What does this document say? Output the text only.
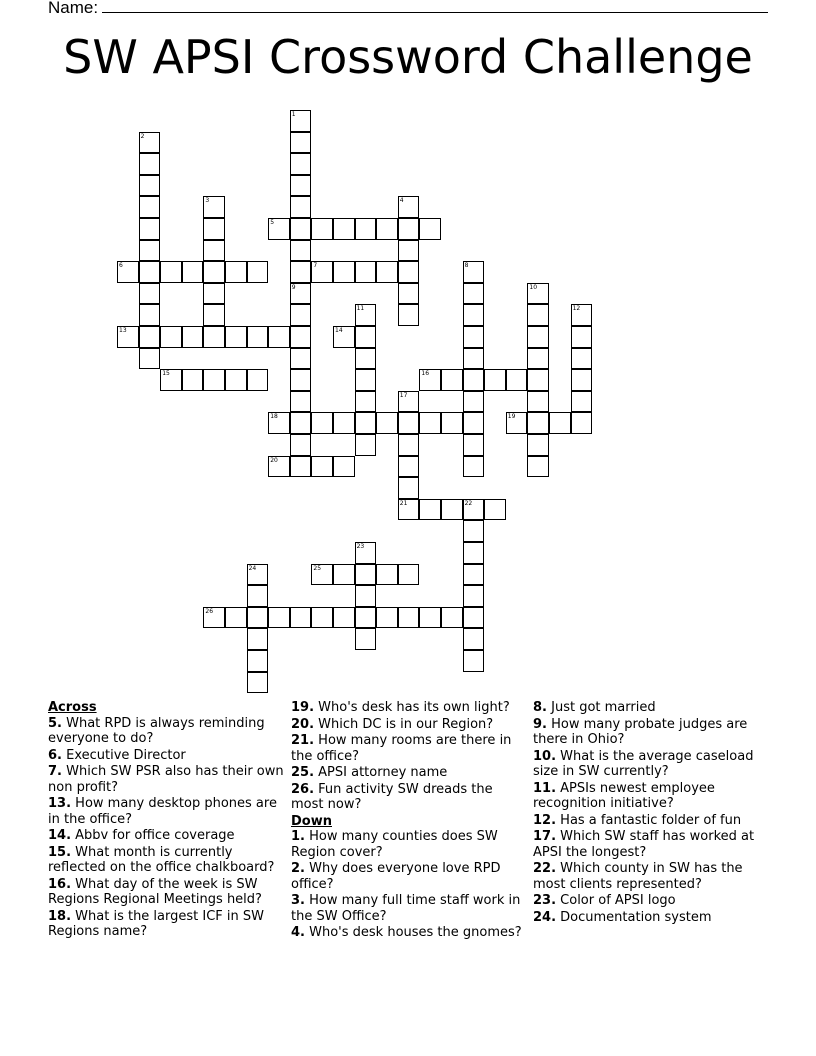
Name:
SW APSI Crossword Challenge
1
9
2
3	4
5
6	7	8
10
11	12
13	14
15	16
17
21
18	19
20
22
23
24	25
26
Across
5. What RPD is always reminding everyone to do?
6. Executive Director
7. Which SW PSR also has their own non profit?
13. How many desktop phones are in the office?
14. Abbv for office coverage
15. What month is currently reflected on the office chalkboard?
16. What day of the week is SW Regions Regional Meetings held?
18. What is the largest ICF in SW Regions name?
19. Who's desk has its own light?
20. Which DC is in our Region?
21. How many rooms are there in the office?
25. APSI attorney name
26. Fun activity SW dreads the most now?
Down
1. How many counties does SW Region cover?
2. Why does everyone love RPD office?
3. How many full time staff work in the SW Office?
4. Who's desk houses the gnomes?
8. Just got married
9. How many probate judges are there in Ohio?
10. What is the average caseload size in SW currently?
11. APSIs newest employee recognition initiative?
12. Has a fantastic folder of fun
17. Which SW staff has worked at APSI the longest?
22. Which county in SW has the most clients represented?
23. Color of APSI logo
24. Documentation system
